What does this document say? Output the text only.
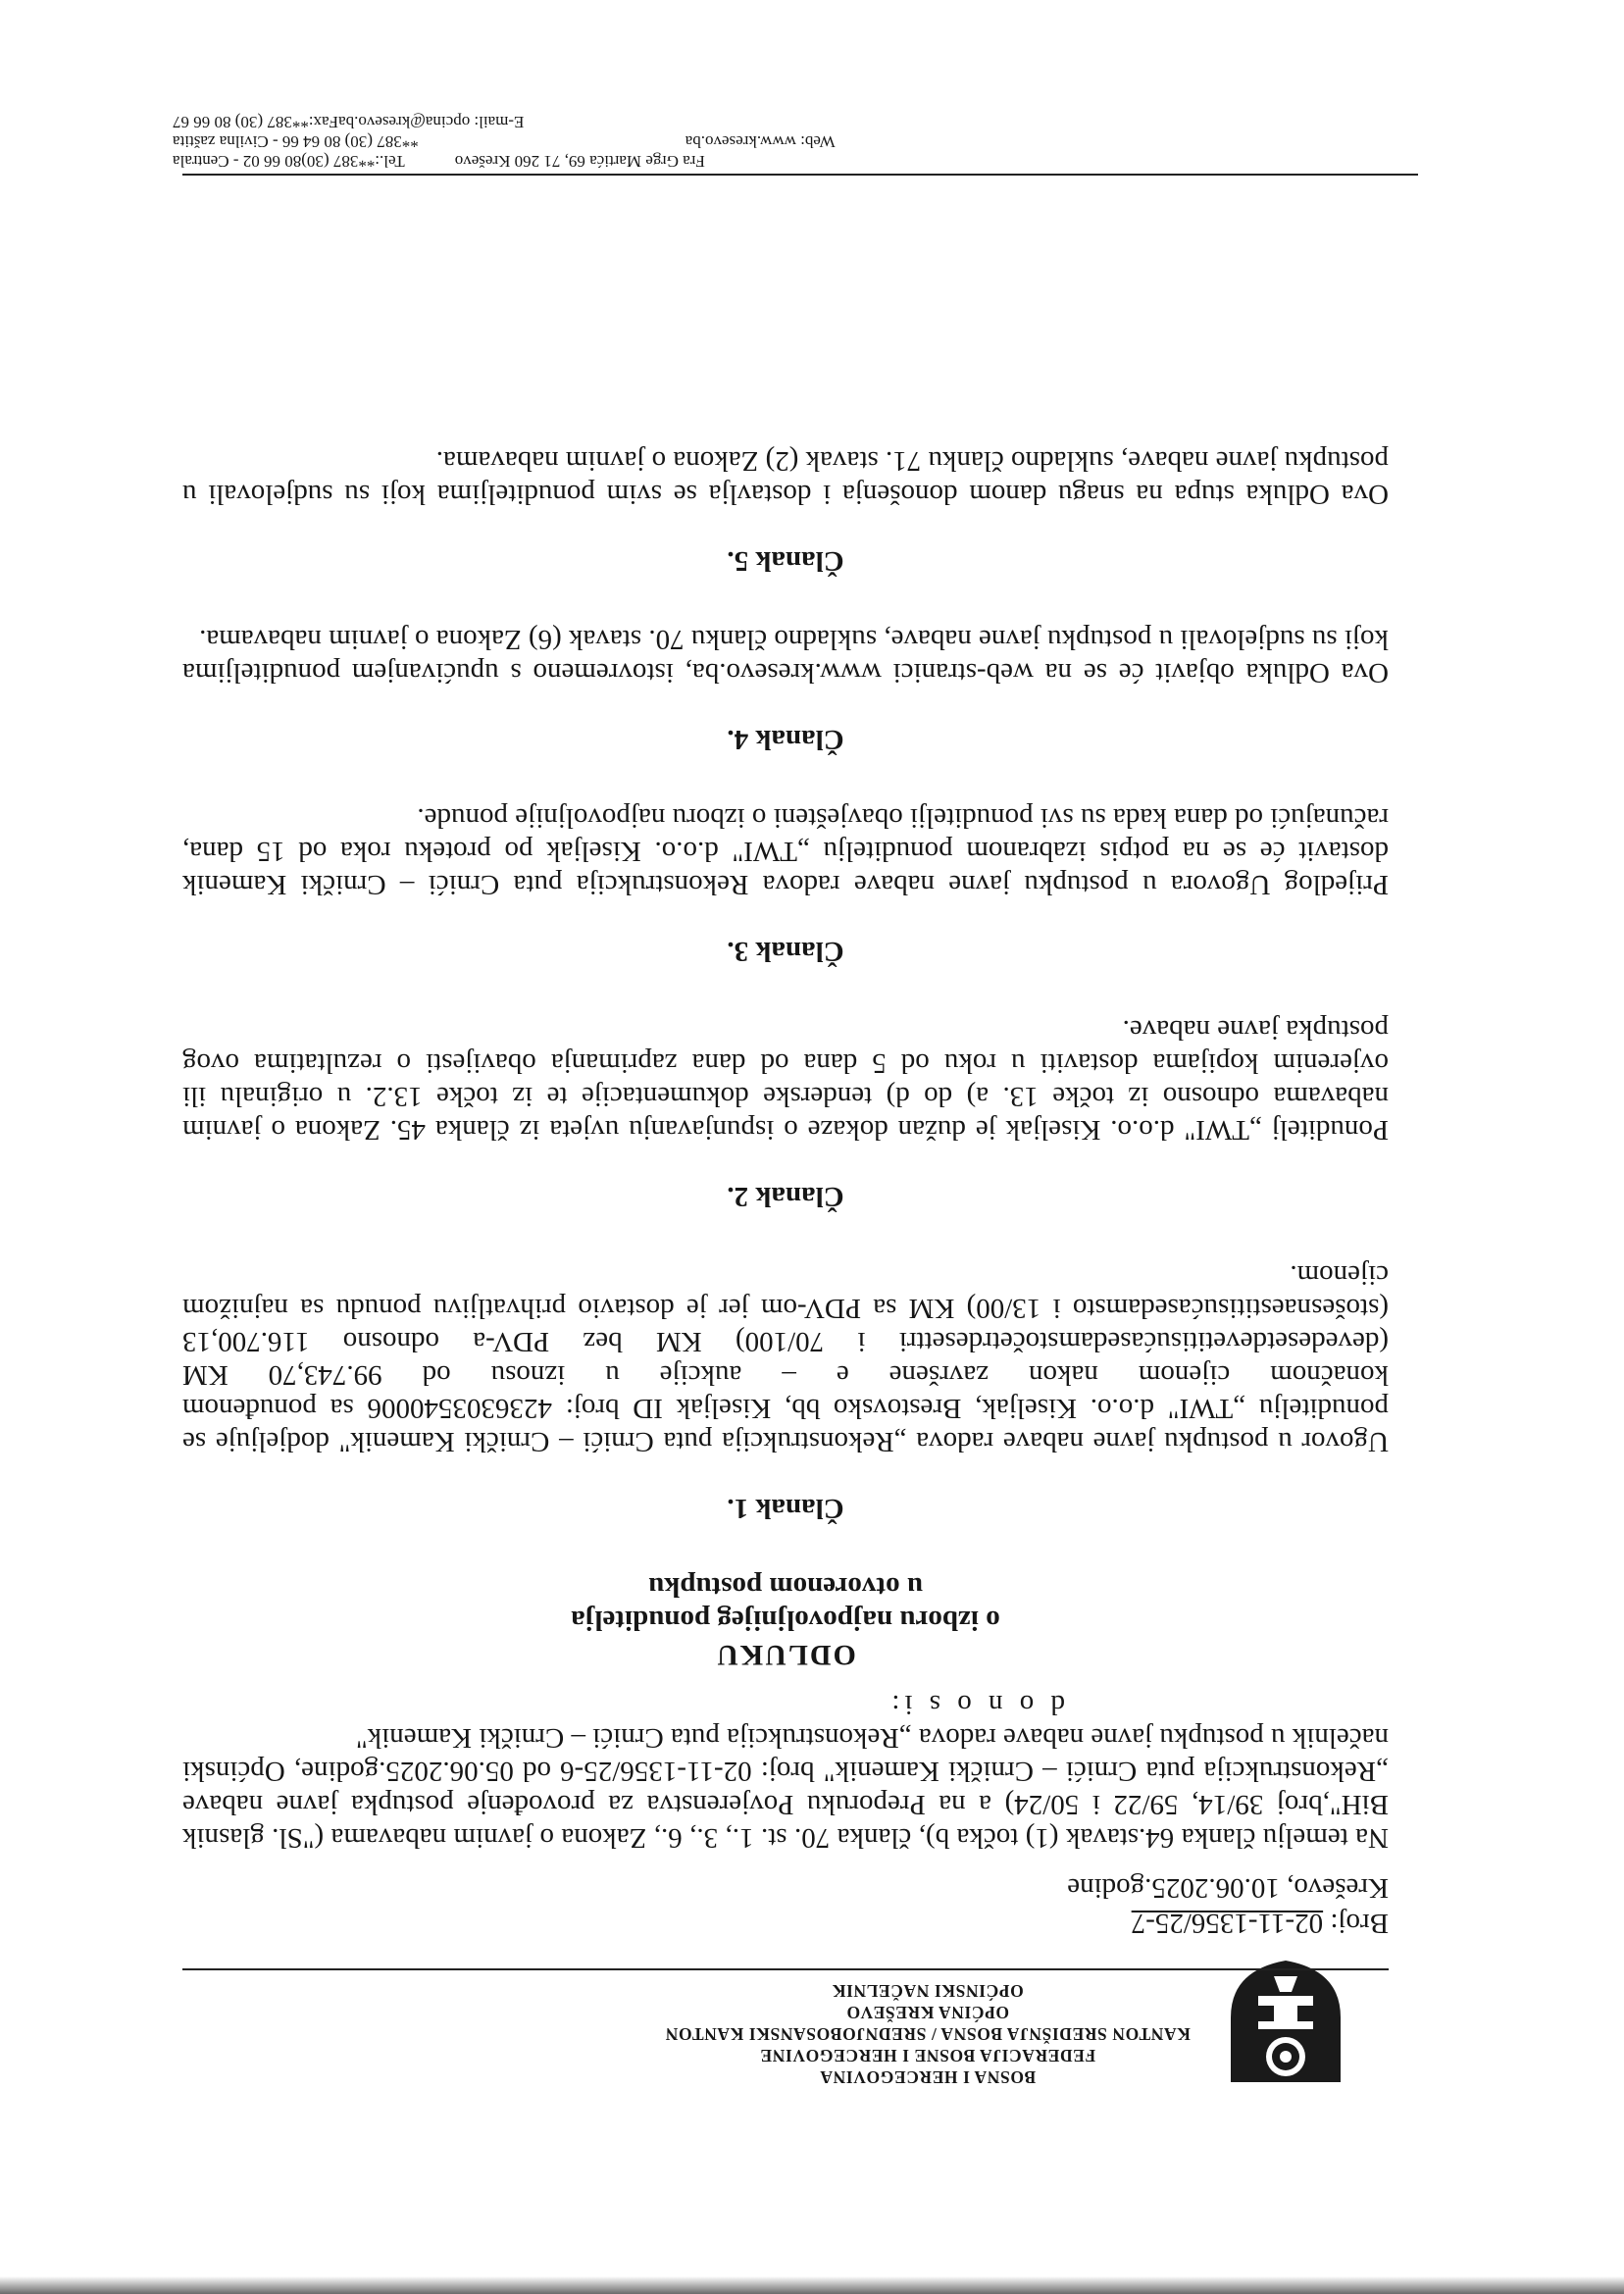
BOSNA I HERCEGOVINA
FEDERACIJA BOSNE I HERCEGOVINE
KANTON SREDIŠNJA BOSNA / SREDNJOBOSANSKI KANTON
OPĆINA KREŠEVO
OPĆINSKI NAČELNIK

Broj: 02-11-1356/25-7

Kreševo, 10.06.2025.godine

Na temelju članka 64.stavak (1) točka b), članka 70. st. 1., 3., 6., Zakona o javnim nabavama ("Sl. glasnik BiH",broj 39/14, 59/22 i 50/24) a na Preporuku Povjerenstva za provođenje postupka javne nabave „Rekonstrukcija puta Crnići – Crnički Kamenik" broj: 02-11-1356/25-6 od 05.06.2025.godine, Općinski načelnik u postupku javne nabave radova „Rekonstrukcija puta Crnići – Crnički Kamenik"

d o n o s i:

ODLUKU
o izboru najpovoljnijeg ponuditelja
u otvorenom postupku
Članak 1.

Ugovor u postupku javne nabave radova „Rekonstrukcija puta Crnići – Crnički Kamenik" dodjeljuje se ponuditelju „TWI" d.o.o. Kiseljak, Brestovsko bb, Kiseljak ID broj: 4236303540006 sa ponuđenom konačnom cijenom nakon završene e – aukcije u iznosu od 99.743,70 KM (devedesetdevetitisućasedamstočetrdesettri i 70/100) KM bez PDV-a odnosno 116.700,13 (stošesnaestitisućasedamsto i 13/00) KM sa PDV-om jer je dostavio prihvatljivu ponudu sa najnižom cijenom.

Članak 2.

Ponuditelj „TWI" d.o.o. Kiseljak je dužan dokaze o ispunjavanju uvjeta iz članka 45. Zakona o javnim nabavama odnosno iz točke 13. a) do d) tenderske dokumentacije te iz točke 13.2. u originalu ili ovjerenim kopijama dostaviti u roku od 5 dana od dana zaprimanja obavijesti o rezultatima ovog postupka javne nabave.

Članak 3.

Prijedlog Ugovora u postupku javne nabave radova Rekonstrukcija puta Crnići – Crnički Kamenik dostavit će se na potpis izabranom ponuditelju „TWI" d.o.o. Kiseljak po proteku roka od 15 dana, računajući od dana kada su svi ponuditelji obavješteni o izboru najpovoljnije ponude.

Članak 4.

Ova Odluka objavit će se na web-stranici www.kresevo.ba, istovremeno s upućivanjem ponuditeljima koji su sudjelovali u postupku javne nabave, sukladno članku 70. stavak (6) Zakona o javnim nabavama.

Članak 5.

Ova Odluka stupa na snagu danom donošenja i dostavlja se svim ponuditeljima koji su sudjelovali u postupku javne nabave, sukladno članku 71. stavak (2) Zakona o javnim nabavama.

Fra Grge Martića 69, 71 260 Kreševo            Tel.:**387 (30)80 66 02 - Centrala
Web: www.kresevo.ba                                                                **387 (30) 80 64 66 - Civilna zaštita
E-mail: opcina@kresevo.baFax:**387 (30) 80 66 67
